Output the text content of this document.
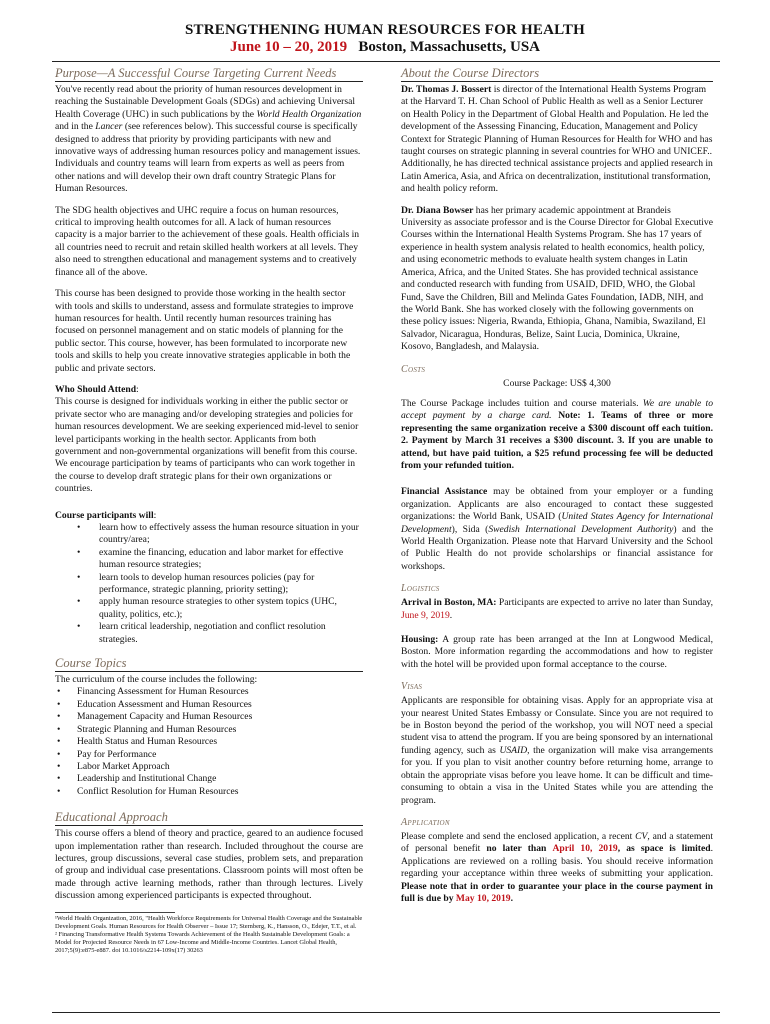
STRENGTHENING HUMAN RESOURCES FOR HEALTH
June 10 – 20, 2019 Boston, Massachusetts, USA
Purpose—A Successful Course Targeting Current Needs

You've recently read about the priority of human resources development in reaching the Sustainable Development Goals (SDGs) and achieving Universal Health Coverage (UHC) in such publications by the World Health Organization and in the Lancer (see references below). This successful course is specifically designed to address that priority by providing participants with new and innovative ways of addressing human resources policy and management issues. Individuals and country teams will learn from experts as well as peers from other nations and will develop their own draft country Strategic Plans for Human Resources.

The SDG health objectives and UHC require a focus on human resources, critical to improving health outcomes for all. A lack of human resources capacity is a major barrier to the achievement of these goals. Health officials in all countries need to recruit and retain skilled health workers at all levels. They also need to strengthen educational and management systems and to creatively finance all of the above.

This course has been designed to provide those working in the health sector with tools and skills to understand, assess and formulate strategies to improve human resources for health. Until recently human resources training has focused on personnel management and on static models of planning for the public sector. This course, however, has been formulated to incorporate new tools and skills to help you create innovative strategies applicable in both the public and private sectors.

Who Should Attend:
This course is designed for individuals working in either the public sector or private sector who are managing and/or developing strategies and policies for human resources development. We are seeking experienced mid-level to senior level participants working in the health sector. Applicants from both government and non-governmental organizations will benefit from this course. We encourage participation by teams of participants who can work together in the course to develop draft strategic plans for their own organizations or countries.

Course participants will:
• learn how to effectively assess the human resource situation in your country/area;
• examine the financing, education and labor market for effective human resource strategies;
• learn tools to develop human resources policies (pay for performance, strategic planning, priority setting);
• apply human resource strategies to other system topics (UHC, quality, politics, etc.);
• learn critical leadership, negotiation and conflict resolution strategies.
Course Topics
The curriculum of the course includes the following:
• Financing Assessment for Human Resources
• Education Assessment and Human Resources
• Management Capacity and Human Resources
• Strategic Planning and Human Resources
• Health Status and Human Resources
• Pay for Performance
• Labor Market Approach
• Leadership and Institutional Change
• Conflict Resolution for Human Resources
Educational Approach

This course offers a blend of theory and practice, geared to an audience focused upon implementation rather than research. Included throughout the course are lectures, group discussions, several case studies, problem sets, and preparation of group and individual case presentations. Classroom points will most often be made through active learning methods, rather than through lectures. Lively discussion among experienced participants is expected throughout.

¹World Health Organization, 2016, "Health Workforce Requirements for Universal Health Coverage and the Sustainable Development Goals. Human Resources for Health Observer – Issue 17; Sternberg, K., Hansson, O., Edejer, T.T., et al.
² Financing Transformative Health Systems Towards Achievement of the Health Sustainable Development Goals: a Model for Projected Resource Needs in 67 Low-Income and Middle-Income Countries. Lancet Global Health, 2017;5(9):e875-e887. doi 10.1016/s2214-109x(17) 30263
About the Course Directors

Dr. Thomas J. Bossert is director of the International Health Systems Program at the Harvard T. H. Chan School of Public Health as well as a Senior Lecturer on Health Policy in the Department of Global Health and Population. He led the development of the Assessing Financing, Education, Management and Policy Context for Strategic Planning of Human Resources for Health for WHO and has taught courses on strategic planning in several countries for WHO and UNICEF.. Additionally, he has directed technical assistance projects and applied research in Latin America, Asia, and Africa on decentralization, institutional transformation, and health policy reform.

Dr. Diana Bowser has her primary academic appointment at Brandeis University as associate professor and is the Course Director for Global Executive Courses within the International Health Systems Program. She has 17 years of experience in health system analysis related to health economics, health policy, and using econometric methods to evaluate health system changes in Latin America, Africa, and the United States. She has provided technical assistance and conducted research with funding from USAID, DFID, WHO, the Global Fund, Save the Children, Bill and Melinda Gates Foundation, IADB, NIH, and the World Bank. She has worked closely with the following governments on these policy issues: Nigeria, Rwanda, Ethiopia, Ghana, Namibia, Swaziland, El Salvador, Nicaragua, Honduras, Belize, Saint Lucia, Dominica, Ukraine, Kosovo, Bangladesh, and Malaysia.

Costs
Course Package: US$ 4,300

The Course Package includes tuition and course materials. We are unable to accept payment by a charge card. Note: 1. Teams of three or more representing the same organization receive a $300 discount off each tuition. 2. Payment by March 31 receives a $300 discount. 3. If you are unable to attend, but have paid tuition, a $25 refund processing fee will be deducted from your refunded tuition.

Financial Assistance may be obtained from your employer or a funding organization. Applicants are also encouraged to contact these suggested organizations: the World Bank, USAID (United States Agency for International Development), Sida (Swedish International Development Authority) and the World Health Organization. Please note that Harvard University and the School of Public Health do not provide scholarships or financial assistance for workshops.

Logistics

Arrival in Boston, MA: Participants are expected to arrive no later than Sunday, June 9, 2019.

Housing: A group rate has been arranged at the Inn at Longwood Medical, Boston. More information regarding the accommodations and how to register with the hotel will be provided upon formal acceptance to the course.

Visas

Applicants are responsible for obtaining visas. Apply for an appropriate visa at your nearest United States Embassy or Consulate. Since you are not required to be in Boston beyond the period of the workshop, you will NOT need a special student visa to attend the program. If you are being sponsored by an international funding agency, such as USAID, the organization will make visa arrangements for you. If you plan to visit another country before returning home, arrange to obtain the appropriate visas before you leave home. It can be difficult and time-consuming to obtain a visa in the United States while you are attending the program.

Application

Please complete and send the enclosed application, a recent CV, and a statement of personal benefit no later than April 10, 2019, as space is limited. Applications are reviewed on a rolling basis. You should receive information regarding your acceptance within three weeks of submitting your application. Please note that in order to guarantee your place in the course payment in full is due by May 10, 2019.
